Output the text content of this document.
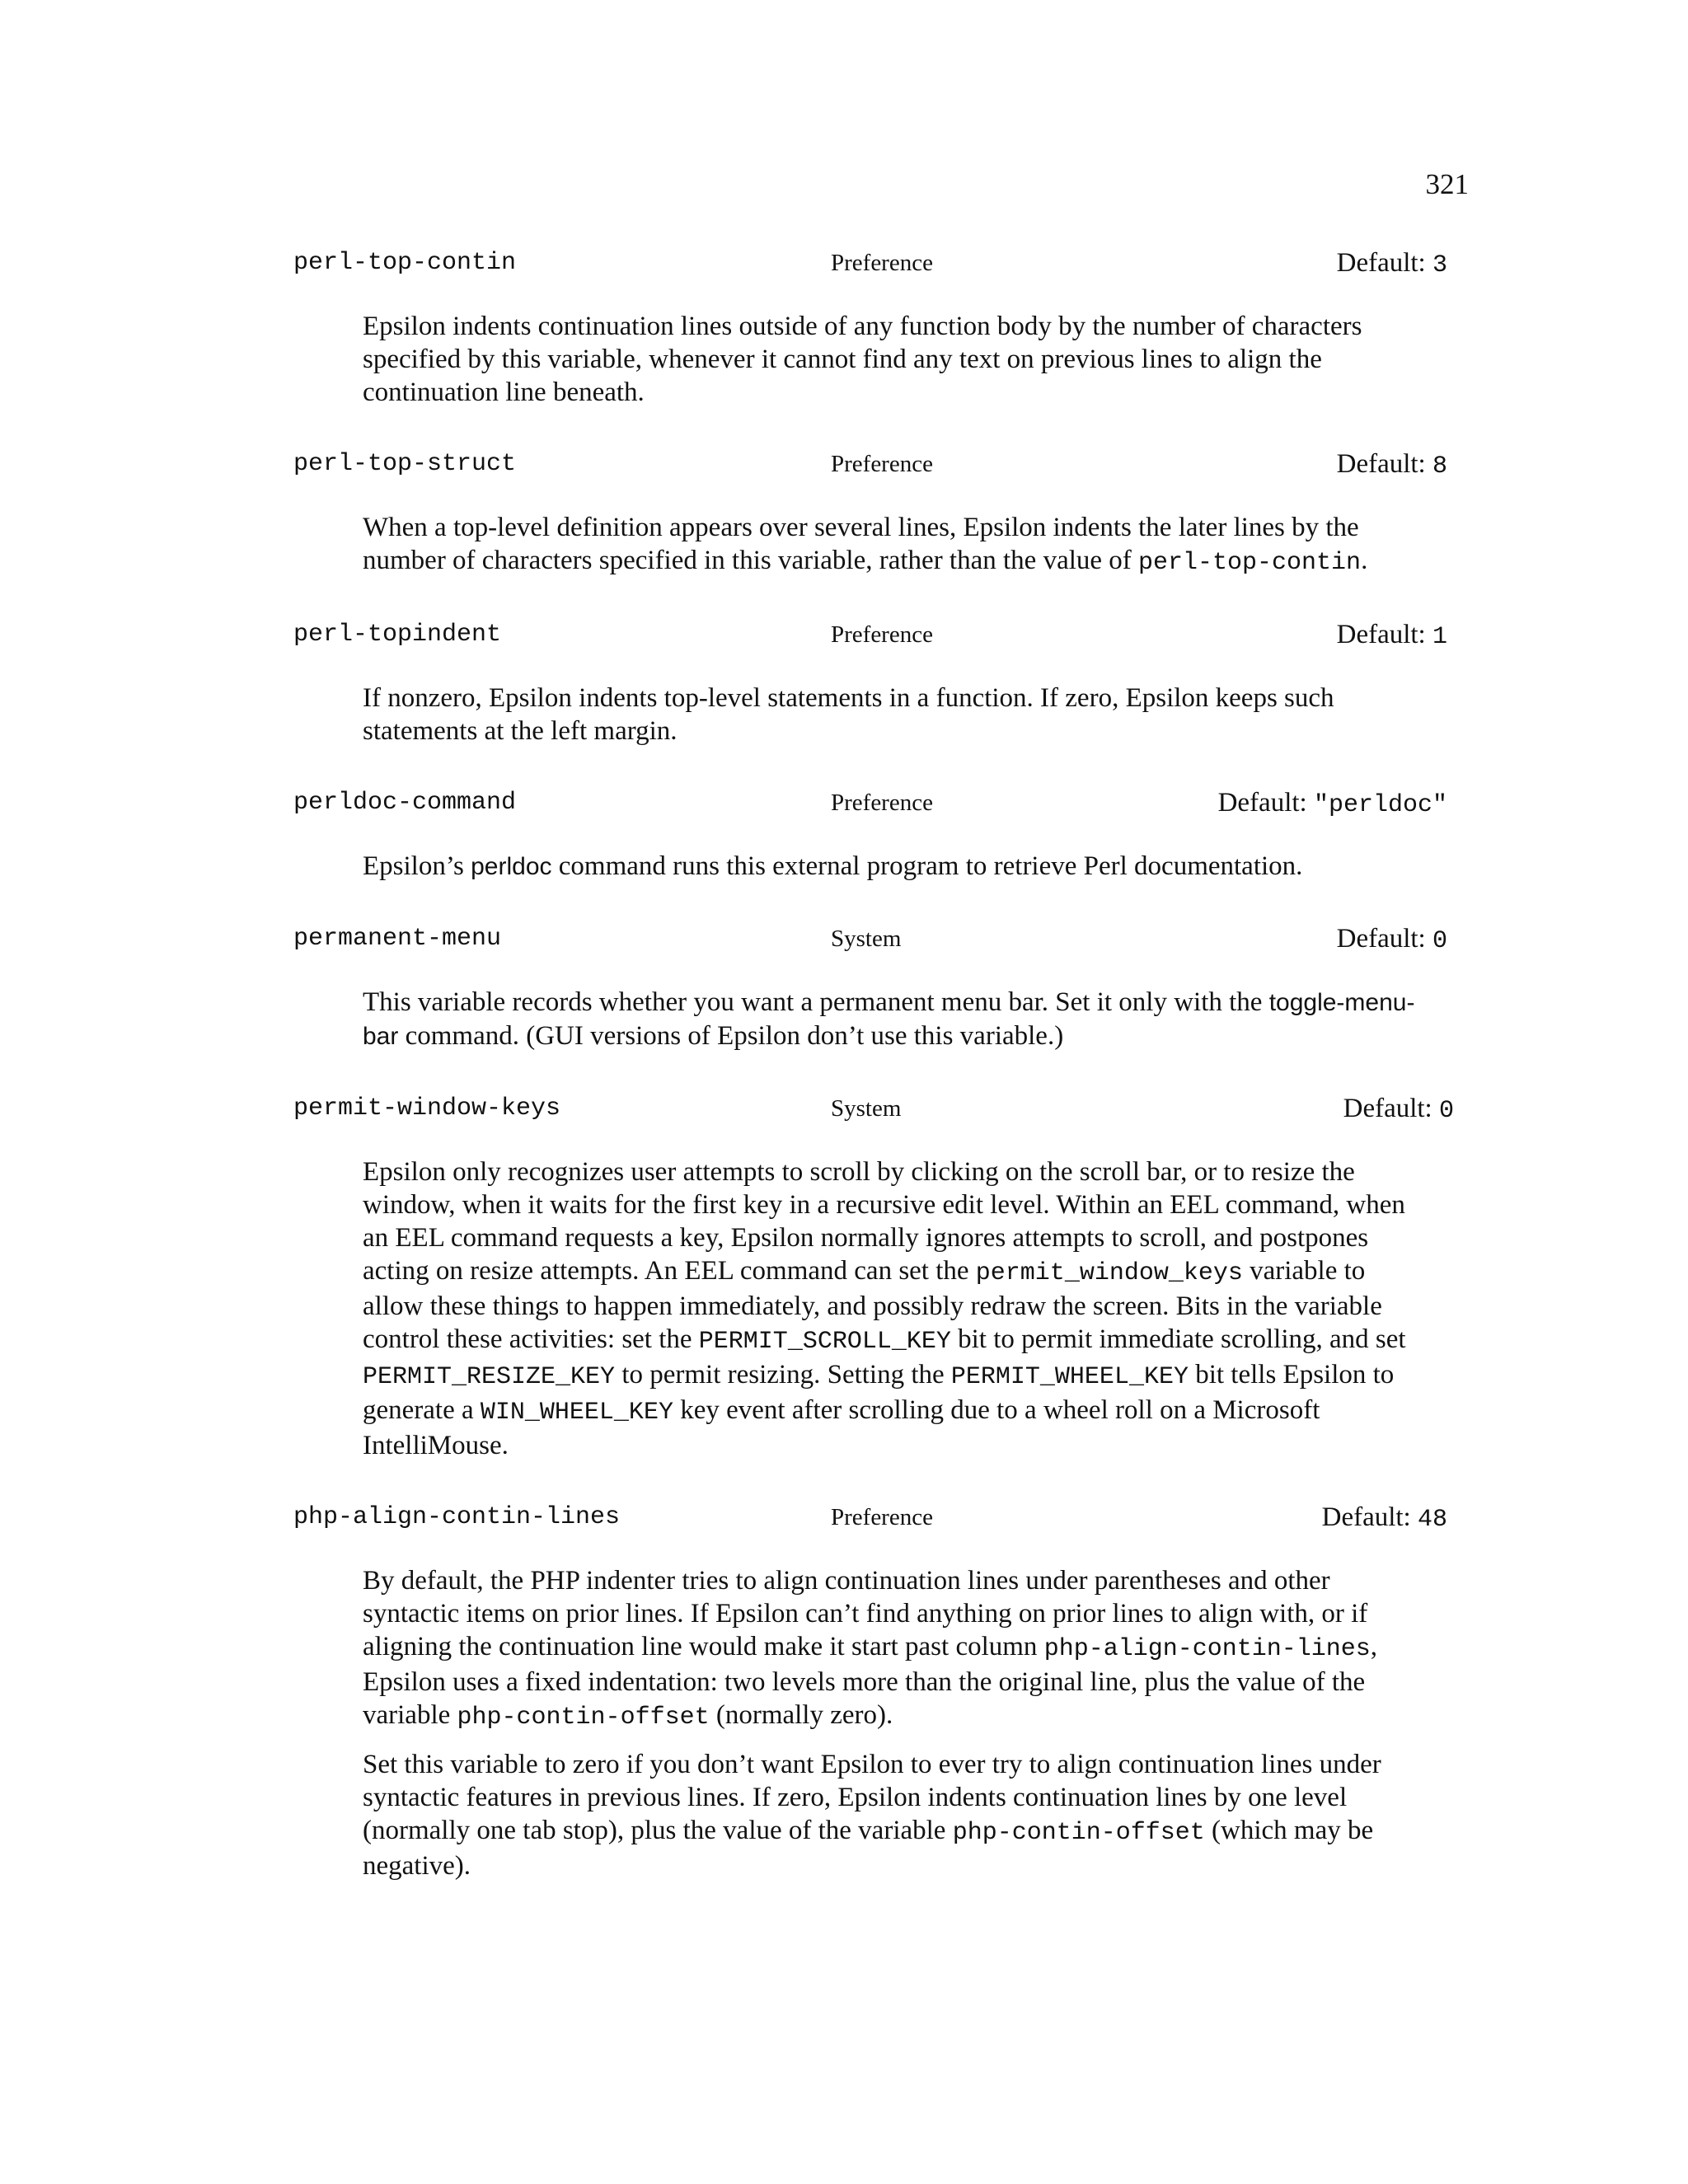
321
perl-top-contin	Preference	Default: 3

Epsilon indents continuation lines outside of any function body by the number of characters specified by this variable, whenever it cannot find any text on previous lines to align the continuation line beneath.

perl-top-struct	Preference	Default: 8

When a top-level definition appears over several lines, Epsilon indents the later lines by the number of characters specified in this variable, rather than the value of perl-top-contin.

perl-topindent	Preference	Default: 1

If nonzero, Epsilon indents top-level statements in a function. If zero, Epsilon keeps such statements at the left margin.

perldoc-command	Preference	Default: "perldoc"

Epsilon’s perldoc command runs this external program to retrieve Perl documentation.

permanent-menu	System	Default: 0

This variable records whether you want a permanent menu bar. Set it only with the toggle-menu-bar command. (GUI versions of Epsilon don’t use this variable.)

permit-window-keys	System	Default: 0

Epsilon only recognizes user attempts to scroll by clicking on the scroll bar, or to resize the window, when it waits for the first key in a recursive edit level. Within an EEL command, when an EEL command requests a key, Epsilon normally ignores attempts to scroll, and postpones acting on resize attempts. An EEL command can set the permit_window_keys variable to allow these things to happen immediately, and possibly redraw the screen. Bits in the variable control these activities: set the PERMIT_SCROLL_KEY bit to permit immediate scrolling, and set PERMIT_RESIZE_KEY to permit resizing. Setting the PERMIT_WHEEL_KEY bit tells Epsilon to generate a WIN_WHEEL_KEY key event after scrolling due to a wheel roll on a Microsoft IntelliMouse.

php-align-contin-lines	Preference	Default: 48

By default, the PHP indenter tries to align continuation lines under parentheses and other syntactic items on prior lines. If Epsilon can’t find anything on prior lines to align with, or if aligning the continuation line would make it start past column php-align-contin-lines, Epsilon uses a fixed indentation: two levels more than the original line, plus the value of the variable php-contin-offset (normally zero).

Set this variable to zero if you don’t want Epsilon to ever try to align continuation lines under syntactic features in previous lines. If zero, Epsilon indents continuation lines by one level (normally one tab stop), plus the value of the variable php-contin-offset (which may be negative).
